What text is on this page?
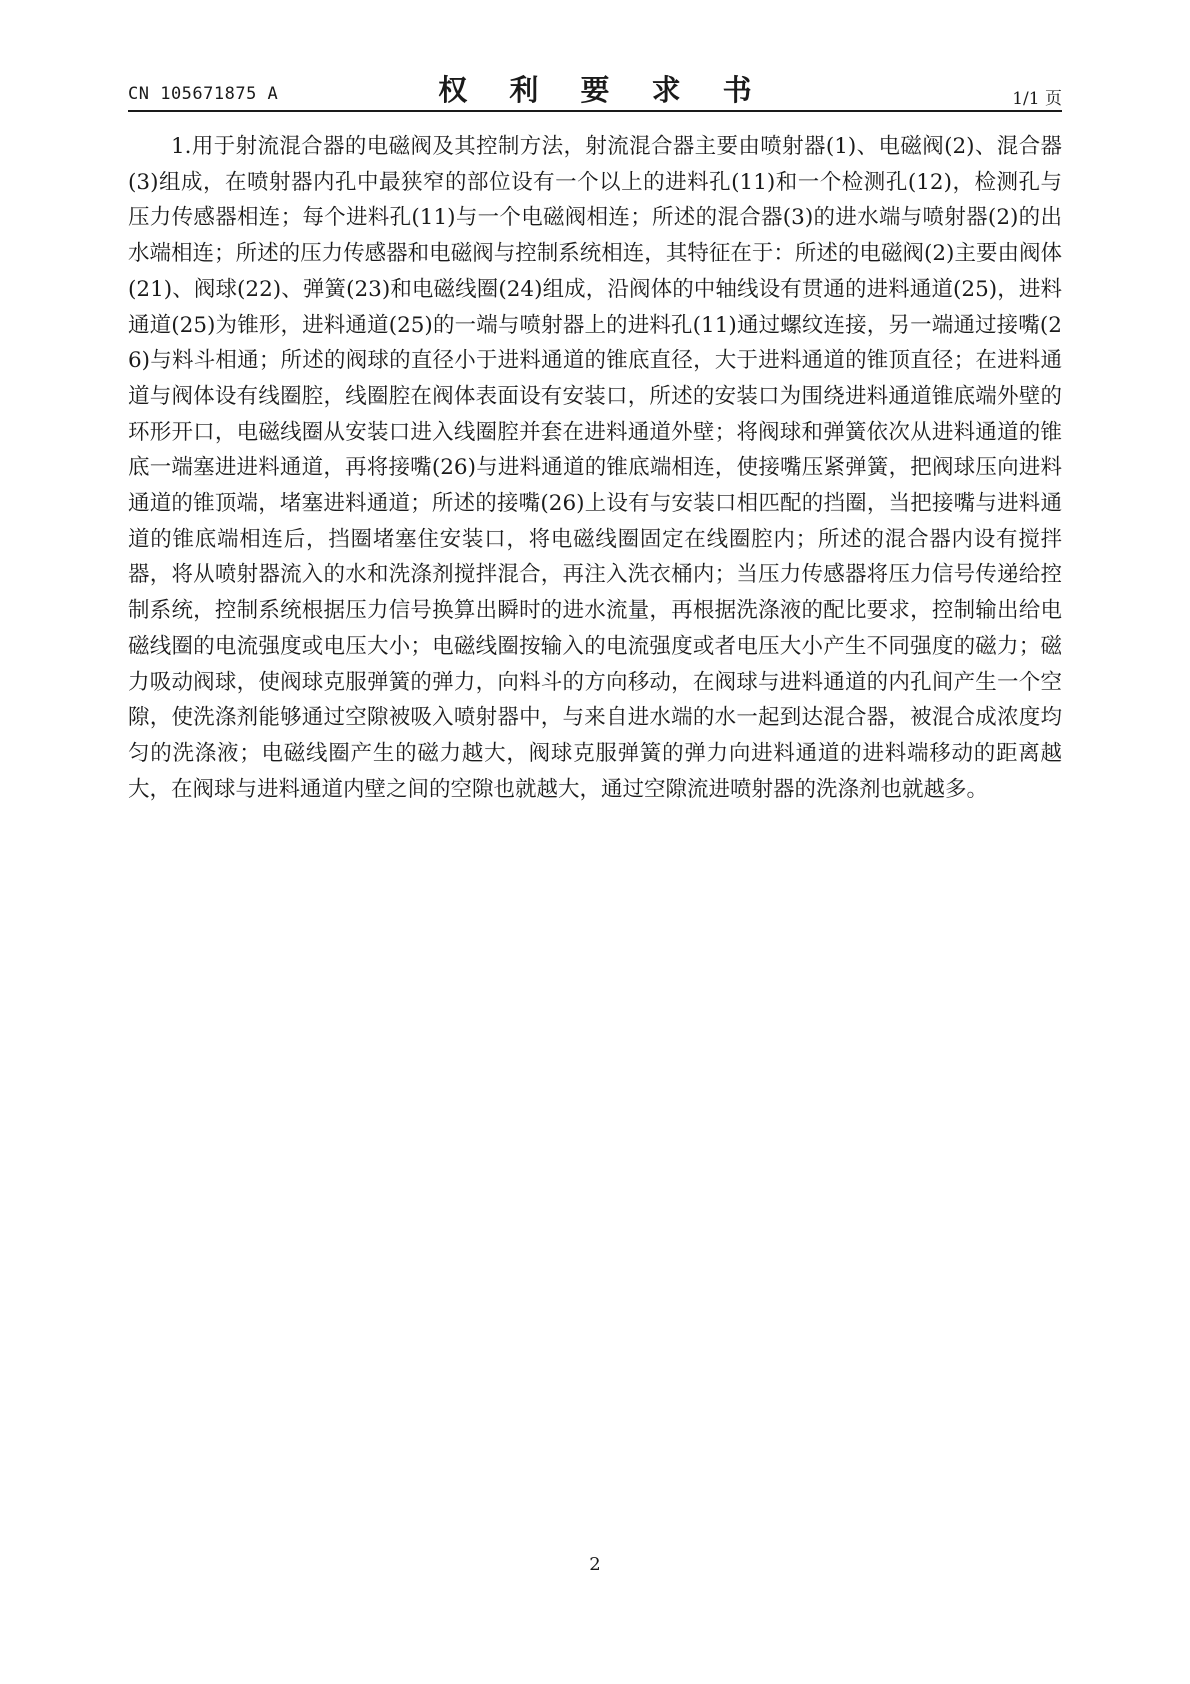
CN 105671875 A	权 利 要 求 书	1/1 页

1.用于射流混合器的电磁阀及其控制方法，射流混合器主要由喷射器(1)、电磁阀(2)、混合器(3)组成，在喷射器内孔中最狭窄的部位设有一个以上的进料孔(11)和一个检测孔(12)，检测孔与压力传感器相连；每个进料孔(11)与一个电磁阀相连；所述的混合器(3)的进水端与喷射器(2)的出水端相连；所述的压力传感器和电磁阀与控制系统相连，其特征在于：所述的电磁阀(2)主要由阀体(21)、阀球(22)、弹簧(23)和电磁线圈(24)组成，沿阀体的中轴线设有贯通的进料通道(25)，进料通道(25)为锥形，进料通道(25)的一端与喷射器上的进料孔(11)通过螺纹连接，另一端通过接嘴(26)与料斗相通；所述的阀球的直径小于进料通道的锥底直径，大于进料通道的锥顶直径；在进料通道与阀体设有线圈腔，线圈腔在阀体表面设有安装口，所述的安装口为围绕进料通道锥底端外壁的环形开口，电磁线圈从安装口进入线圈腔并套在进料通道外壁；将阀球和弹簧依次从进料通道的锥底一端塞进进料通道，再将接嘴(26)与进料通道的锥底端相连，使接嘴压紧弹簧，把阀球压向进料通道的锥顶端，堵塞进料通道；所述的接嘴(26)上设有与安装口相匹配的挡圈，当把接嘴与进料通道的锥底端相连后，挡圈堵塞住安装口，将电磁线圈固定在线圈腔内；所述的混合器内设有搅拌器，将从喷射器流入的水和洗涤剂搅拌混合，再注入洗衣桶内；当压力传感器将压力信号传递给控制系统，控制系统根据压力信号换算出瞬时的进水流量，再根据洗涤液的配比要求，控制输出给电磁线圈的电流强度或电压大小；电磁线圈按输入的电流强度或者电压大小产生不同强度的磁力；磁力吸动阀球，使阀球克服弹簧的弹力，向料斗的方向移动，在阀球与进料通道的内孔间产生一个空隙，使洗涤剂能够通过空隙被吸入喷射器中，与来自进水端的水一起到达混合器，被混合成浓度均匀的洗涤液；电磁线圈产生的磁力越大，阀球克服弹簧的弹力向进料通道的进料端移动的距离越大，在阀球与进料通道内壁之间的空隙也就越大，通过空隙流进喷射器的洗涤剂也就越多。

2
